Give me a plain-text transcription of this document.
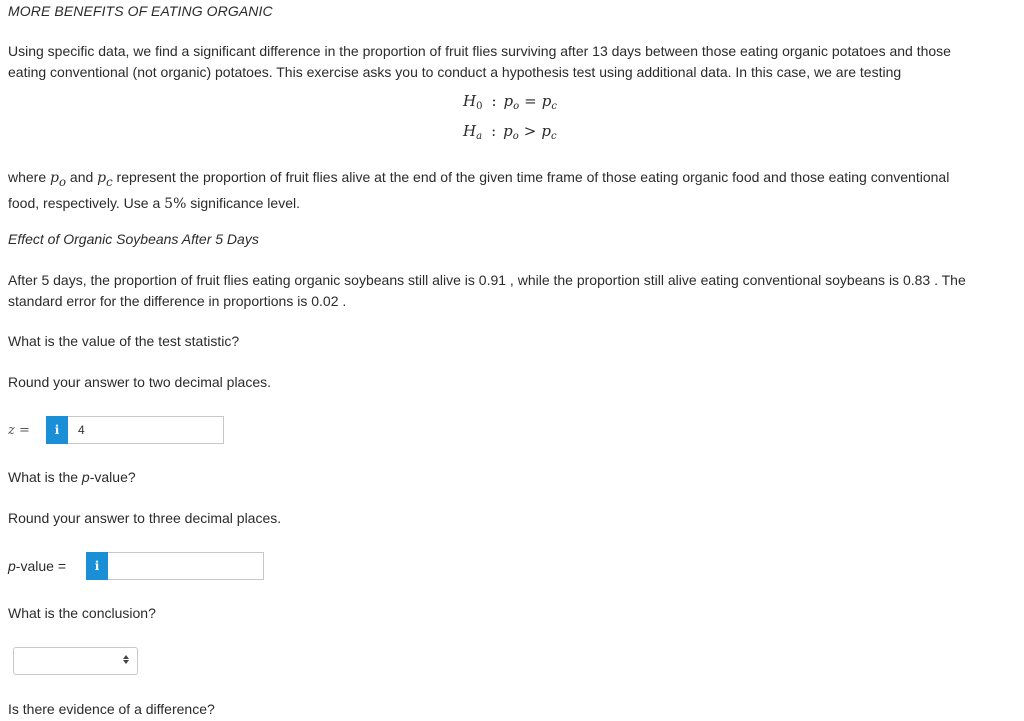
MORE BENEFITS OF EATING ORGANIC
Using specific data, we find a significant difference in the proportion of fruit flies surviving after 13 days between those eating organic potatoes and those
eating conventional (not organic) potatoes. This exercise asks you to conduct a hypothesis test using additional data. In this case, we are testing
$H_0$ : $p_o = p_c$
$H_a$ : $p_o > p_c$
where $p_o$ and $p_c$ represent the proportion of fruit flies alive at the end of the given time frame of those eating organic food and those eating conventional
food, respectively. Use a 5% significance level.
Effect of Organic Soybeans After 5 Days
After 5 days, the proportion of fruit flies eating organic soybeans still alive is 0.91 , while the proportion still alive eating conventional soybeans is 0.83 . The
standard error for the difference in proportions is 0.02 .
What is the value of the test statistic?
Round your answer to two decimal places.
z =	i	4
What is the p-value?
Round your answer to three decimal places.
p-value =	i
What is the conclusion?
Is there evidence of a difference?
